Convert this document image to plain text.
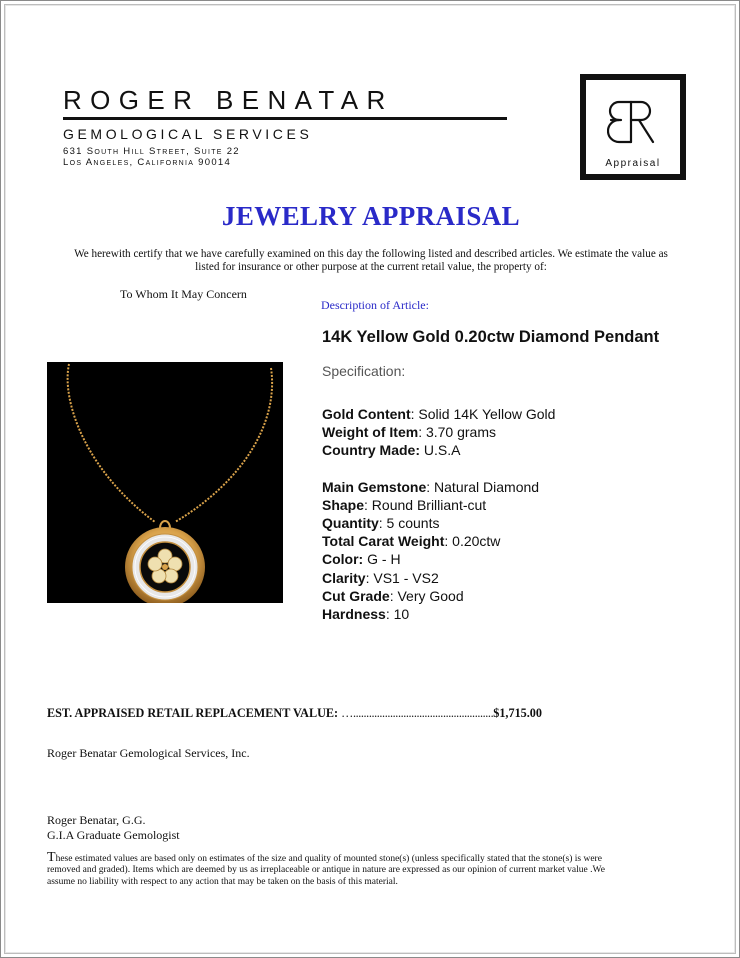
ROGER BENATAR
GEMOLOGICAL SERVICES
631 South Hill Street, Suite 22
Los Angeles, California 90014	Appraisal
JEWELRY APPRAISAL
We herewith certify that we have carefully examined on this day the following listed and described articles. We estimate the value as listed for insurance or other purpose at the current retail value, the property of:
To Whom It May Concern
Description of Article:
14K Yellow Gold 0.20ctw Diamond Pendant
Specification:
Gold Content: Solid 14K Yellow Gold
Weight of Item: 3.70 grams
Country Made: U.S.A
Main Gemstone: Natural Diamond
Shape: Round Brilliant-cut
Quantity: 5 counts
Total Carat Weight: 0.20ctw
Color: G - H
Clarity: VS1 - VS2
Cut Grade: Very Good
Hardness: 10
EST. APPRAISED RETAIL REPLACEMENT VALUE: ….....................................................$1,715.00
Roger Benatar Gemological Services, Inc.
Roger Benatar, G.G.
G.I.A Graduate Gemologist
These estimated values are based only on estimates of the size and quality of mounted stone(s) (unless specifically stated that the stone(s) is were removed and graded). Items which are deemed by us as irreplaceable or antique in nature are expressed as our opinion of current market value .We assume no liability with respect to any action that may be taken on the basis of this material.
